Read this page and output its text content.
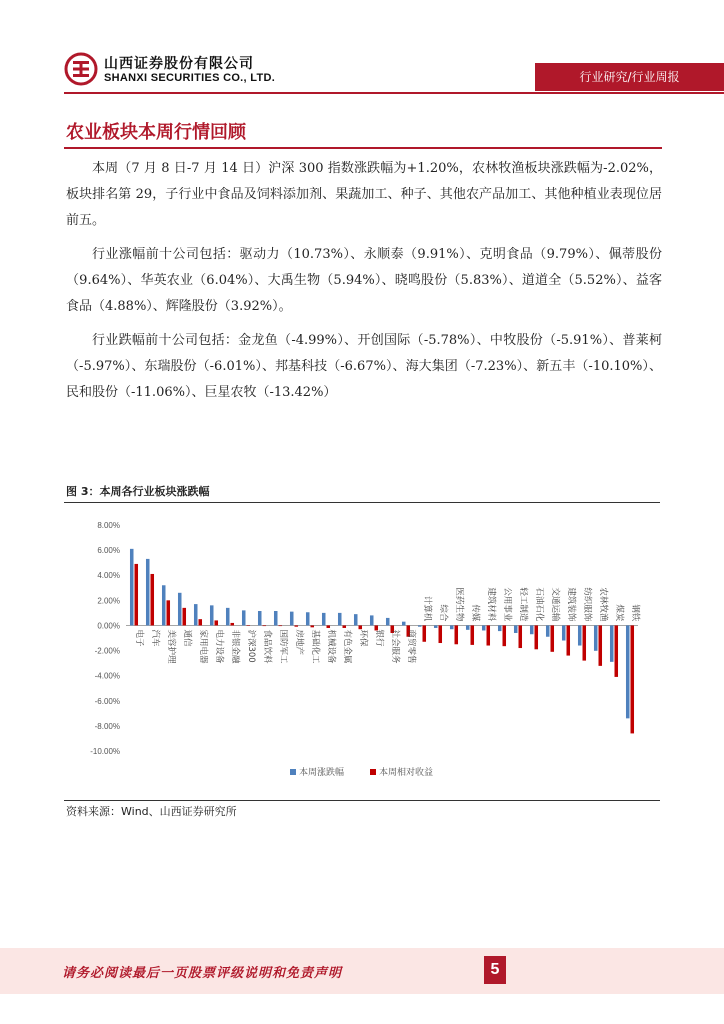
山西证券股份有限公司
SHANXI SECURITIES CO., LTD.	行业研究/行业周报
农业板块本周行情回顾

本周（7 月 8 日-7 月 14 日）沪深 300 指数涨跌幅为+1.20%，农林牧渔板块涨跌幅为-2.02%，板块排名第 29，子行业中食品及饲料添加剂、果蔬加工、种子、其他农产品加工、其他种植业表现位居前五。

行业涨幅前十公司包括：驱动力（10.73%）、永顺泰（9.91%）、克明食品（9.79%）、佩蒂股份（9.64%）、华英农业（6.04%）、大禹生物（5.94%）、晓鸣股份（5.83%）、道道全（5.52%）、益客食品（4.88%）、辉隆股份（3.92%）。

行业跌幅前十公司包括：金龙鱼（-4.99%）、开创国际（-5.78%）、中牧股份（-5.91%）、普莱柯（-5.97%）、东瑞股份（-6.01%）、邦基科技（-6.67%）、海大集团（-7.23%）、新五丰（-10.10%）、民和股份（-11.06%）、巨星农牧（-13.42%）

图 3：本周各行业板块涨跌幅
8.00%
6.00%
4.00%
2.00%
0.00%
-2.00%
-4.00%
-6.00%
-8.00%
-10.00%
电子 汽车 美容护理 通信 家用电器 电力设备 非银金融 沪深300 食品饮料 国防军工 房地产 基础化工 机械设备 有色金属 环保 银行 社会服务 商贸零售
计算机 综合 医药生物 传媒 建筑材料 公用事业 轻工制造 石油石化 交通运输 建筑装饰 纺织服饰 农林牧渔 煤炭 钢铁
本周涨跌幅	本周相对收益
资料来源：Wind、山西证券研究所
请务必阅读最后一页股票评级说明和免责声明	5
